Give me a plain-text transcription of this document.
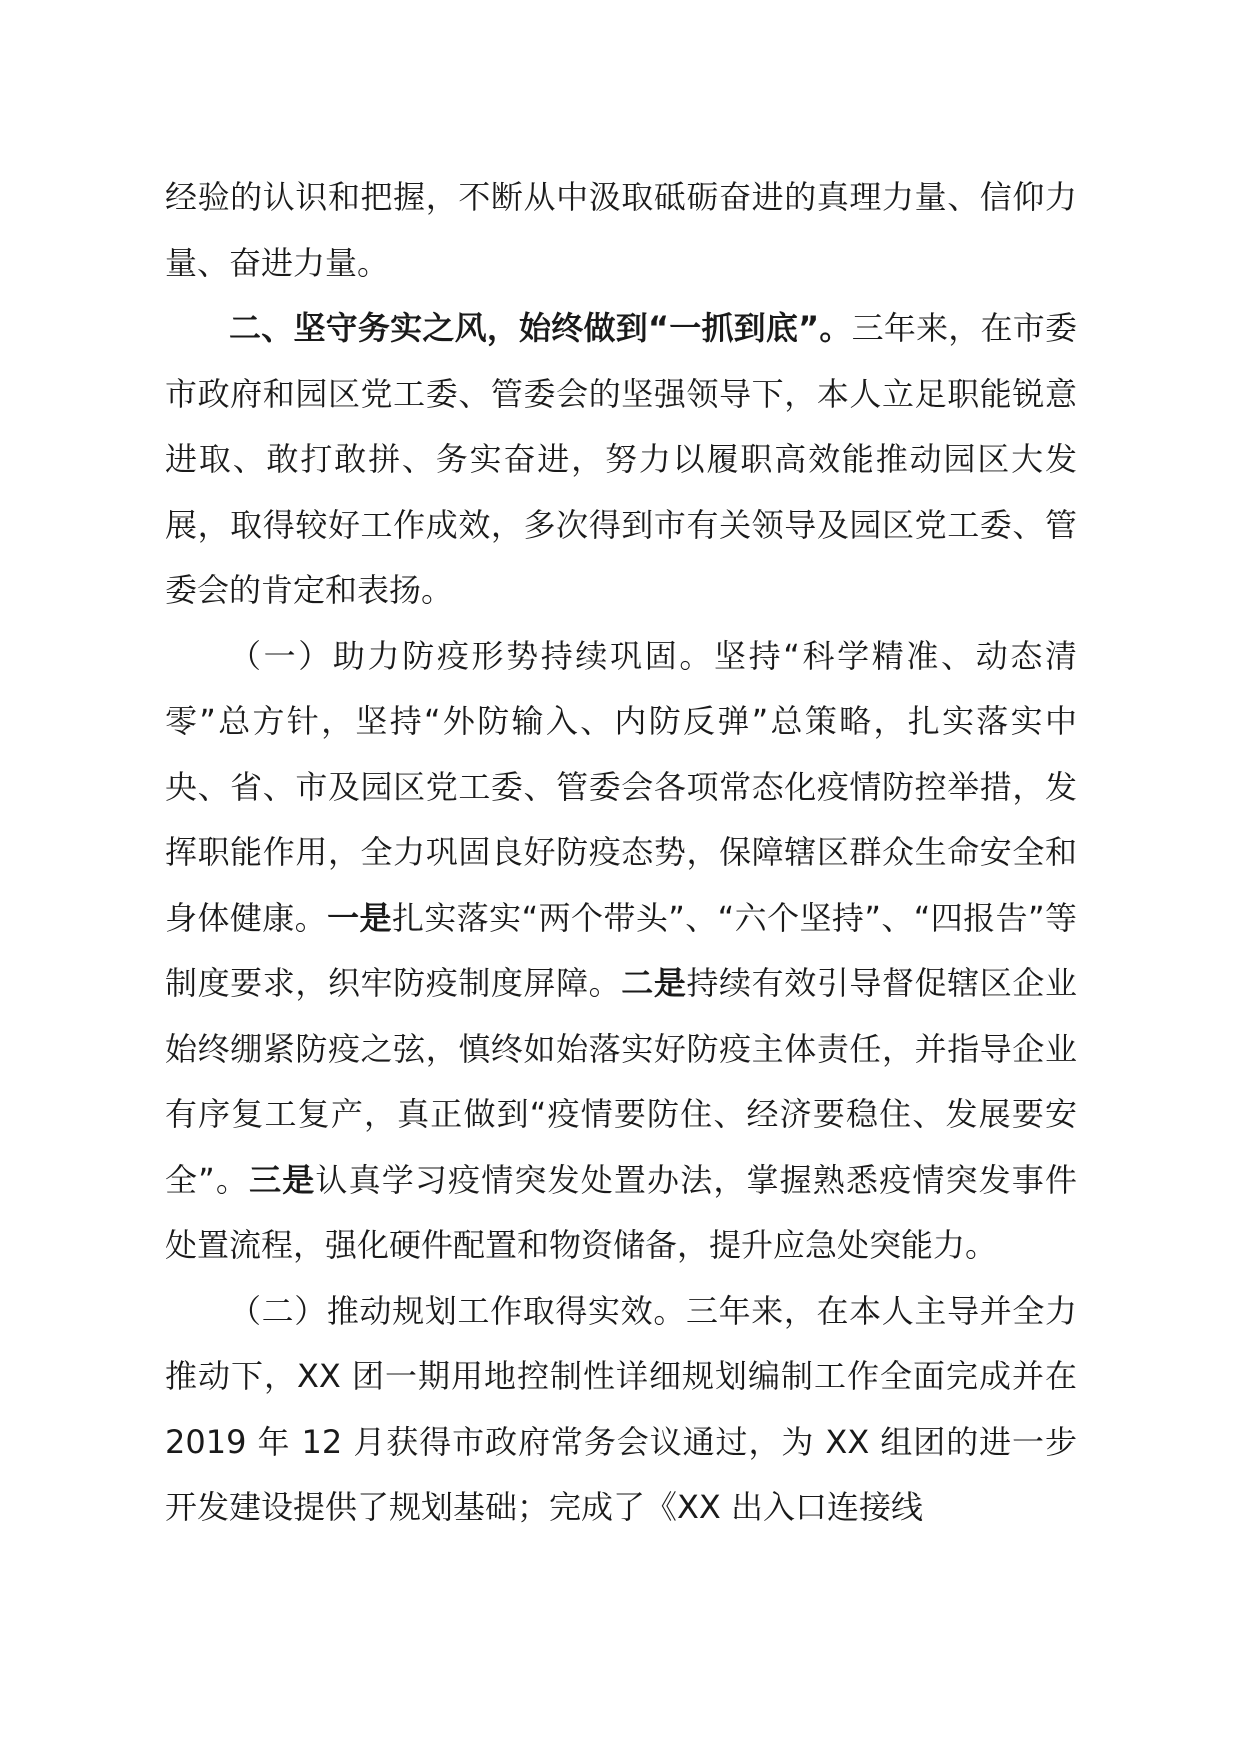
经验的认识和把握，不断从中汲取砥砺奋进的真理力量、信仰力量、奋进力量。

二、坚守务实之风，始终做到“一抓到底”。三年来，在市委市政府和园区党工委、管委会的坚强领导下，本人立足职能锐意进取、敢打敢拼、务实奋进，努力以履职高效能推动园区大发展，取得较好工作成效，多次得到市有关领导及园区党工委、管委会的肯定和表扬。

（一）助力防疫形势持续巩固。坚持“科学精准、动态清零”总方针，坚持“外防输入、内防反弹”总策略，扎实落实中央、省、市及园区党工委、管委会各项常态化疫情防控举措，发挥职能作用，全力巩固良好防疫态势，保障辖区群众生命安全和身体健康。一是扎实落实“两个带头”、“六个坚持”、“四报告”等制度要求，织牢防疫制度屏障。二是持续有效引导督促辖区企业始终绷紧防疫之弦，慎终如始落实好防疫主体责任，并指导企业有序复工复产，真正做到“疫情要防住、经济要稳住、发展要安全”。三是认真学习疫情突发处置办法，掌握熟悉疫情突发事件处置流程，强化硬件配置和物资储备，提升应急处突能力。

（二）推动规划工作取得实效。三年来，在本人主导并全力推动下，XX 团一期用地控制性详细规划编制工作全面完成并在 2019 年 12 月获得市政府常务会议通过，为 XX 组团的进一步开发建设提供了规划基础；完成了《XX 出入口连接线
